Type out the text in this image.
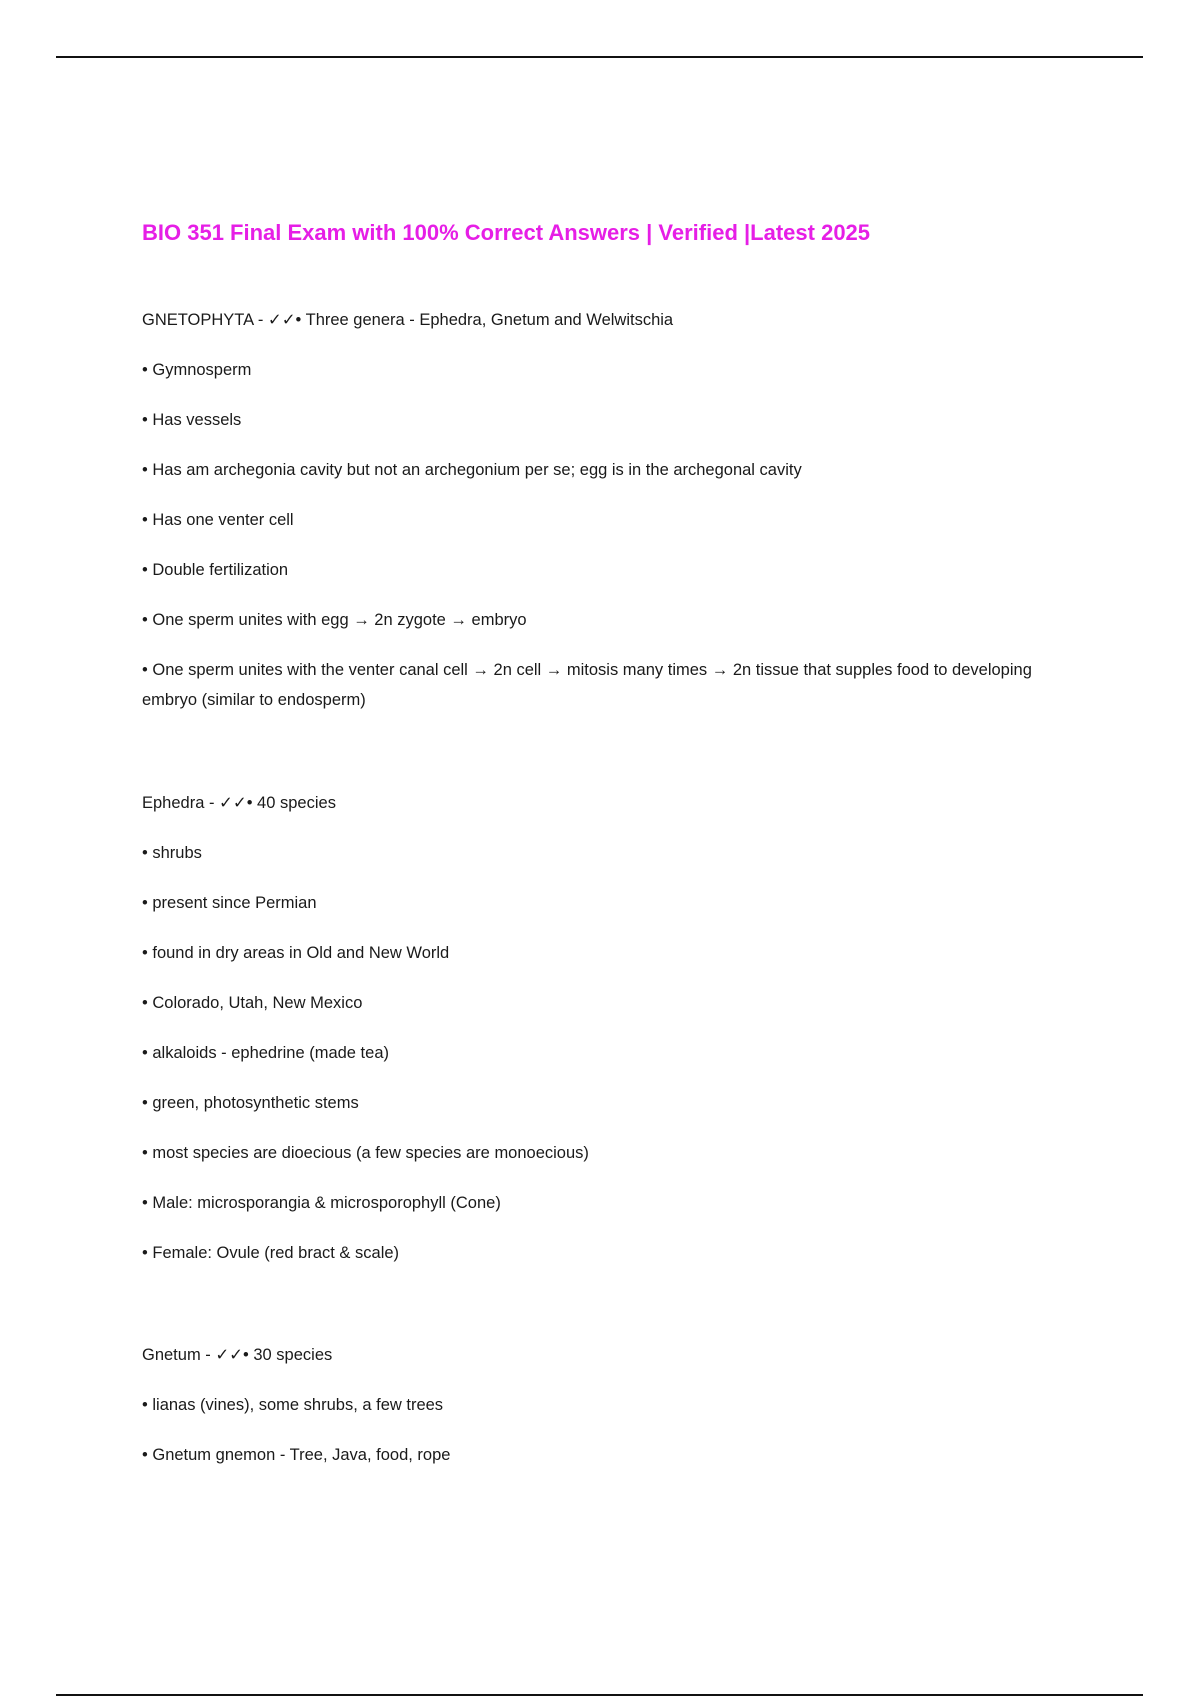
BIO 351 Final Exam with 100% Correct Answers | Verified |Latest 2025

GNETOPHYTA - ✓✓• Three genera - Ephedra, Gnetum and Welwitschia

• Gymnosperm

• Has vessels

• Has am archegonia cavity but not an archegonium per se; egg is in the archegonal cavity

• Has one venter cell

• Double fertilization

• One sperm unites with egg → 2n zygote → embryo

• One sperm unites with the venter canal cell → 2n cell → mitosis many times → 2n tissue that supples food to developing embryo (similar to endosperm)

Ephedra - ✓✓• 40 species

• shrubs

• present since Permian

• found in dry areas in Old and New World

• Colorado, Utah, New Mexico

• alkaloids - ephedrine (made tea)

• green, photosynthetic stems

• most species are dioecious (a few species are monoecious)

• Male: microsporangia & microsporophyll (Cone)

• Female: Ovule (red bract & scale)

Gnetum - ✓✓• 30 species

• lianas (vines), some shrubs, a few trees

• Gnetum gnemon - Tree, Java, food, rope
